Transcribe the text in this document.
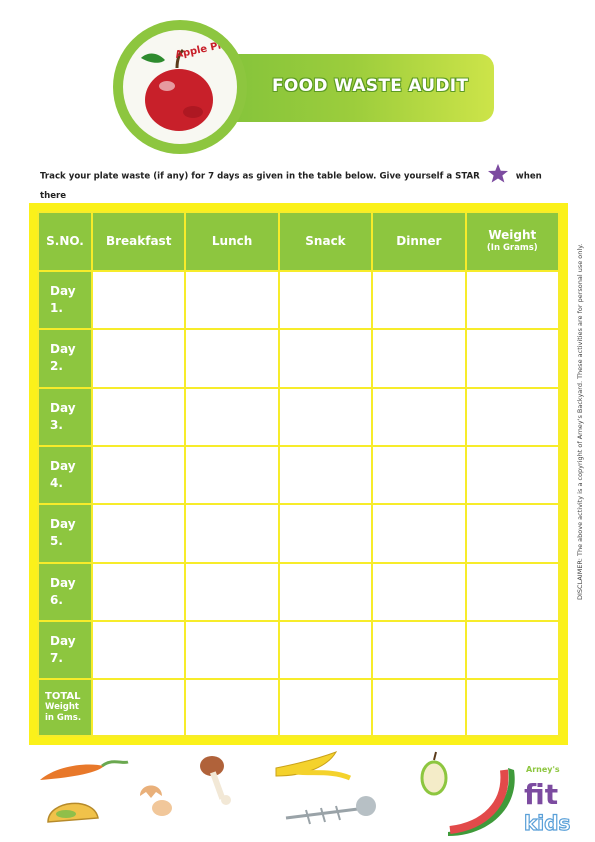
FOOD WASTE AUDIT
Apple Pie
Track your plate waste (if any) for 7 days as given in the table below. Give yourself a STAR	when there

S.NO.	Breakfast	Lunch	Snack	Dinner	Weight
(In Grams)

Day
1.					
Day
2.					
Day
3.					
Day
4.					
Day
5.					
Day
6.					
Day
7.					
TOTAL

Weight
in Gms.					

DISCLAIMER: The above activity is a copyright of Arney's Backyard. These activities are for personal use only.
Arney's
fit
kids
